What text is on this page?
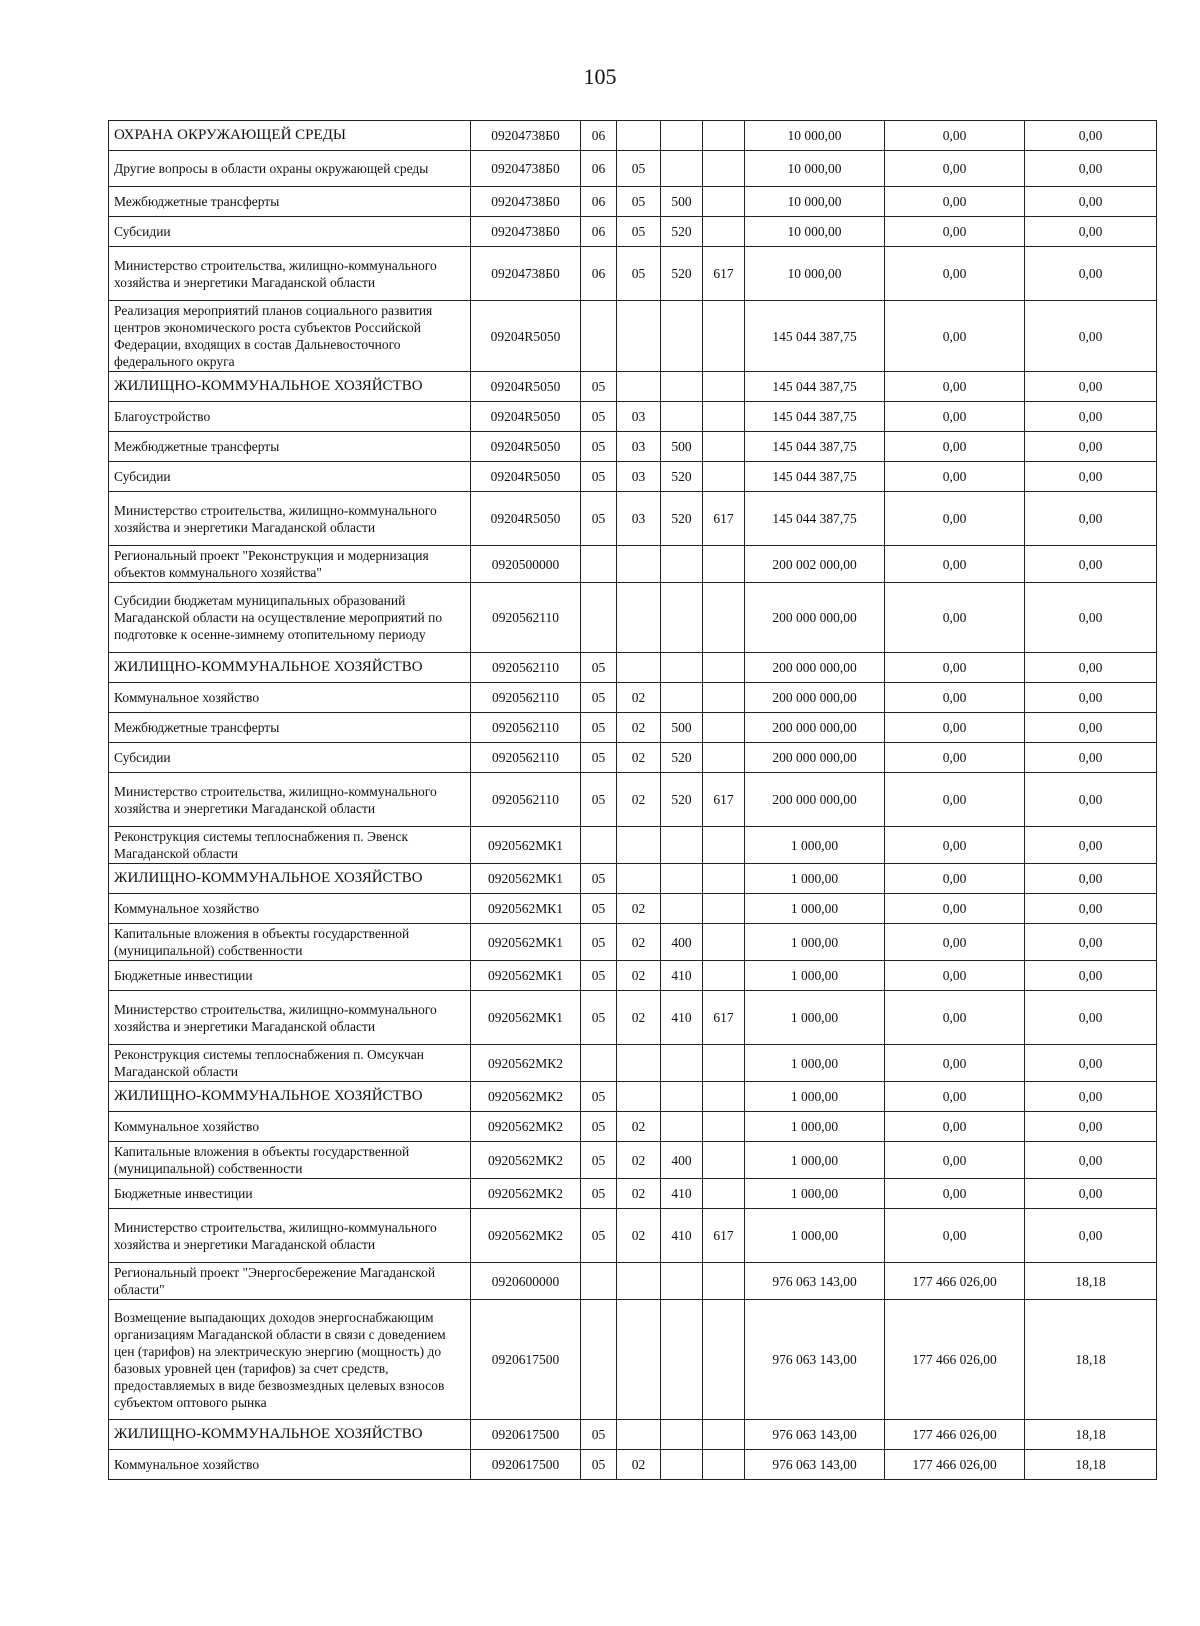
105
ОХРАНА ОКРУЖАЮЩЕЙ СРЕДЫ	09204738Б0	06				10 000,00	0,00	0,00
Другие вопросы в области охраны окружающей среды	09204738Б0	06	05			10 000,00	0,00	0,00
Межбюджетные трансферты	09204738Б0	06	05	500		10 000,00	0,00	0,00
Субсидии	09204738Б0	06	05	520		10 000,00	0,00	0,00
Министерство строительства, жилищно-коммунального хозяйства и энергетики Магаданской области	09204738Б0	06	05	520	617	10 000,00	0,00	0,00
Реализация мероприятий планов социального развития центров экономического роста субъектов Российской Федерации, входящих в состав Дальневосточного федерального округа	09204R5050					145 044 387,75	0,00	0,00
ЖИЛИЩНО-КОММУНАЛЬНОЕ ХОЗЯЙСТВО	09204R5050	05				145 044 387,75	0,00	0,00
Благоустройство	09204R5050	05	03			145 044 387,75	0,00	0,00
Межбюджетные трансферты	09204R5050	05	03	500		145 044 387,75	0,00	0,00
Субсидии	09204R5050	05	03	520		145 044 387,75	0,00	0,00
Министерство строительства, жилищно-коммунального хозяйства и энергетики Магаданской области	09204R5050	05	03	520	617	145 044 387,75	0,00	0,00
Региональный проект "Реконструкция и модернизация объектов коммунального хозяйства"	0920500000					200 002 000,00	0,00	0,00
Субсидии бюджетам муниципальных образований Магаданской области на осуществление мероприятий по подготовке к осенне-зимнему отопительному периоду	0920562110					200 000 000,00	0,00	0,00
ЖИЛИЩНО-КОММУНАЛЬНОЕ ХОЗЯЙСТВО	0920562110	05				200 000 000,00	0,00	0,00
Коммунальное хозяйство	0920562110	05	02			200 000 000,00	0,00	0,00
Межбюджетные трансферты	0920562110	05	02	500		200 000 000,00	0,00	0,00
Субсидии	0920562110	05	02	520		200 000 000,00	0,00	0,00
Министерство строительства, жилищно-коммунального хозяйства и энергетики Магаданской области	0920562110	05	02	520	617	200 000 000,00	0,00	0,00
Реконструкция системы теплоснабжения п. Эвенск Магаданской области	0920562МК1					1 000,00	0,00	0,00
ЖИЛИЩНО-КОММУНАЛЬНОЕ ХОЗЯЙСТВО	0920562МК1	05				1 000,00	0,00	0,00
Коммунальное хозяйство	0920562МК1	05	02			1 000,00	0,00	0,00
Капитальные вложения в объекты государственной (муниципальной) собственности	0920562МК1	05	02	400		1 000,00	0,00	0,00
Бюджетные инвестиции	0920562МК1	05	02	410		1 000,00	0,00	0,00
Министерство строительства, жилищно-коммунального хозяйства и энергетики Магаданской области	0920562МК1	05	02	410	617	1 000,00	0,00	0,00
Реконструкция системы теплоснабжения п. Омсукчан Магаданской области	0920562МК2					1 000,00	0,00	0,00
ЖИЛИЩНО-КОММУНАЛЬНОЕ ХОЗЯЙСТВО	0920562МК2	05				1 000,00	0,00	0,00
Коммунальное хозяйство	0920562МК2	05	02			1 000,00	0,00	0,00
Капитальные вложения в объекты государственной (муниципальной) собственности	0920562МК2	05	02	400		1 000,00	0,00	0,00
Бюджетные инвестиции	0920562МК2	05	02	410		1 000,00	0,00	0,00
Министерство строительства, жилищно-коммунального хозяйства и энергетики Магаданской области	0920562МК2	05	02	410	617	1 000,00	0,00	0,00
Региональный проект "Энергосбережение Магаданской области"	0920600000					976 063 143,00	177 466 026,00	18,18
Возмещение выпадающих доходов энергоснабжающим организациям Магаданской области в связи с доведением цен (тарифов) на электрическую энергию (мощность) до базовых уровней цен (тарифов) за счет средств, предоставляемых в виде безвозмездных целевых взносов субъектом оптового рынка	0920617500					976 063 143,00	177 466 026,00	18,18
ЖИЛИЩНО-КОММУНАЛЬНОЕ ХОЗЯЙСТВО	0920617500	05				976 063 143,00	177 466 026,00	18,18
Коммунальное хозяйство	0920617500	05	02			976 063 143,00	177 466 026,00	18,18
